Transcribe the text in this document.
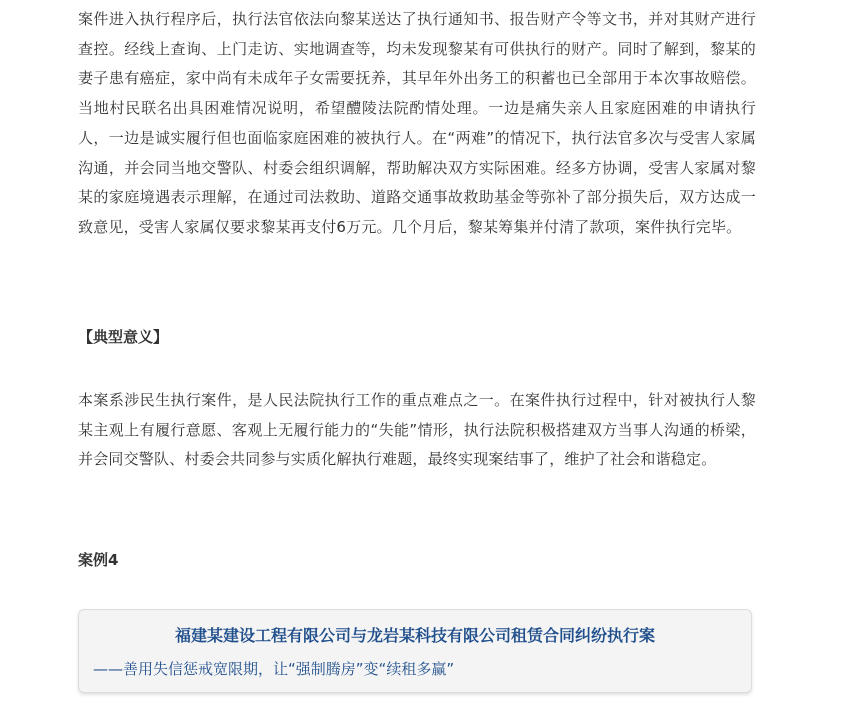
案件进入执行程序后，执行法官依法向黎某送达了执行通知书、报告财产令等文书，并对其财产进行查控。经线上查询、上门走访、实地调查等，均未发现黎某有可供执行的财产。同时了解到，黎某的妻子患有癌症，家中尚有未成年子女需要抚养，其早年外出务工的积蓄也已全部用于本次事故赔偿。当地村民联名出具困难情况说明，希望醴陵法院酌情处理。一边是痛失亲人且家庭困难的申请执行人，一边是诚实履行但也面临家庭困难的被执行人。在“两难”的情况下，执行法官多次与受害人家属沟通，并会同当地交警队、村委会组织调解，帮助解决双方实际困难。经多方协调，受害人家属对黎某的家庭境遇表示理解，在通过司法救助、道路交通事故救助基金等弥补了部分损失后，双方达成一致意见，受害人家属仅要求黎某再支付6万元。几个月后，黎某筹集并付清了款项，案件执行完毕。

【典型意义】

本案系涉民生执行案件，是人民法院执行工作的重点难点之一。在案件执行过程中，针对被执行人黎某主观上有履行意愿、客观上无履行能力的“失能”情形，执行法院积极搭建双方当事人沟通的桥梁，并会同交警队、村委会共同参与实质化解执行难题，最终实现案结事了，维护了社会和谐稳定。

案例4
福建某建设工程有限公司与龙岩某科技有限公司租赁合同纠纷执行案
——善用失信惩戒宽限期，让“强制腾房”变“续租多赢”
